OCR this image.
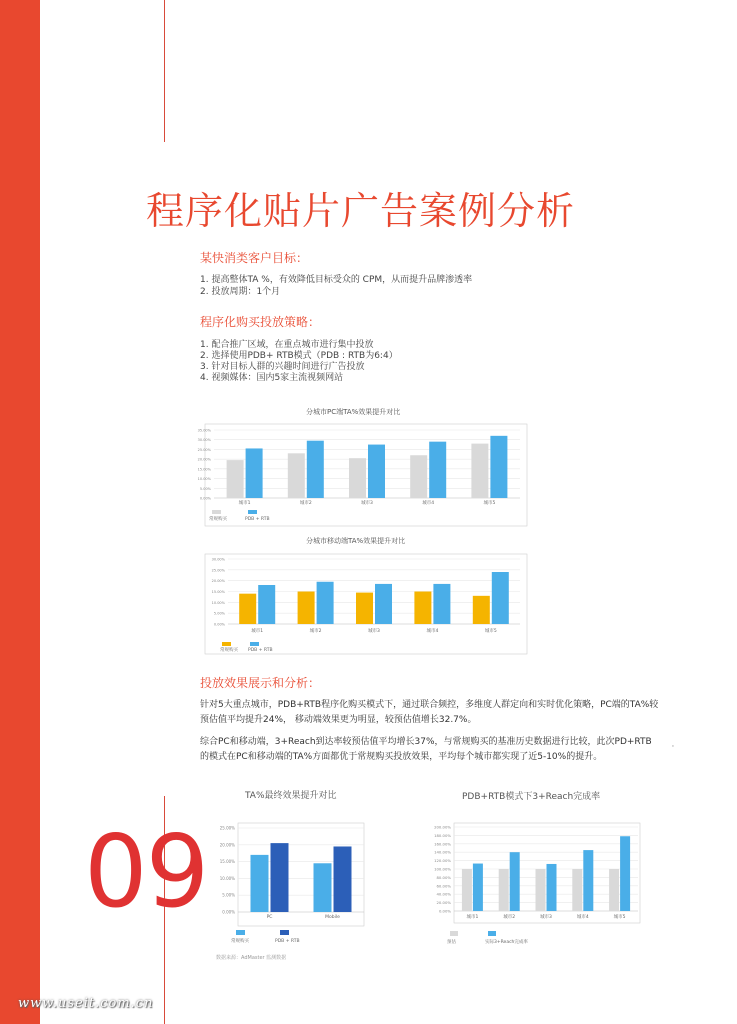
程序化贴片广告案例分析
某快消类客户目标：
1. 提高整体TA %，有效降低目标受众的 CPM，从而提升品牌渗透率
2. 投放周期：1个月
程序化购买投放策略：
1. 配合推广区域，在重点城市进行集中投放
2. 选择使用PDB+ RTB模式（PDB : RTB为6:4）
3. 针对目标人群的兴趣时间进行广告投放
4. 视频媒体：国内5家主流视频网站
分城市PC端TA%效果提升对比
0.00%
5.00%
10.00%
15.00%
20.00%
25.00%
30.00%
35.00%
城市1	城市2	城市3	城市4	城市5
常规购买	PDB + RTB
分城市移动端TA%效果提升对比
0.00%
5.00%
10.00%
15.00%
20.00%
25.00%
30.00%
城市1	城市2	城市3	城市4	城市5
常规购买 PDB + RTB
投放效果展示和分析：
针对5大重点城市，PDB+RTB程序化购买模式下，通过联合频控，多维度人群定向和实时优化策略，PC端的TA%较预估值平均提升24%， 移动端效果更为明显，较预估值增长32.7%。
综合PC和移动端，3+Reach到达率较预估值平均增长37%，与常规购买的基准历史数据进行比较，此次PD+RTB的模式在PC和移动端的TA%方面都优于常规购买投放效果，平均每个城市都实现了近5-10%的提升。
'
TA%最终效果提升对比
0.00%
5.00%
10.00%
15.00%
20.00%
25.00%
PC	Mobile
常规购买	PDB + RTB
PDB+RTB模式下3+Reach完成率
0.00%
20.00%
40.00%
60.00%
80.00%
100.00%
120.00%
140.00%
160.00%
180.00%
200.00%
城市1	城市2	城市3	城市4	城市5
预估	实际3+Reach完成率
09
数据来源：AdMaster 监测数据
www.useit.com.cn
